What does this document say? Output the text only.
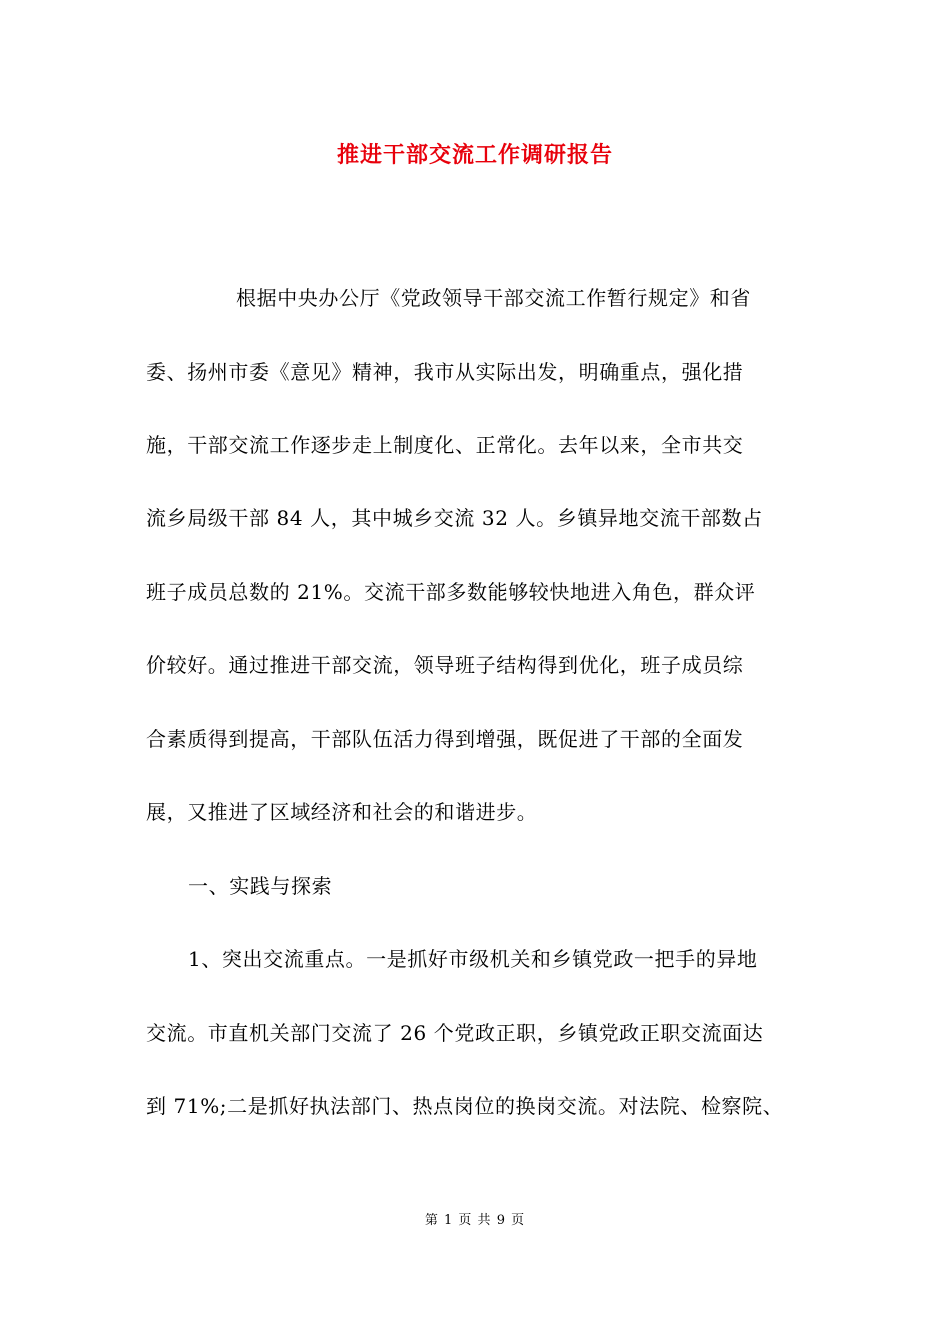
推进干部交流工作调研报告
根据中央办公厅《党政领导干部交流工作暂行规定》和省
委、扬州市委《意见》精神，我市从实际出发，明确重点，强化措
施，干部交流工作逐步走上制度化、正常化。去年以来，全市共交
流乡局级干部 84 人，其中城乡交流 32 人。乡镇异地交流干部数占
班子成员总数的 21%。交流干部多数能够较快地进入角色，群众评
价较好。通过推进干部交流，领导班子结构得到优化，班子成员综
合素质得到提高，干部队伍活力得到增强，既促进了干部的全面发
展，又推进了区域经济和社会的和谐进步。
一、实践与探索
1、突出交流重点。一是抓好市级机关和乡镇党政一把手的异地
交流。市直机关部门交流了 26 个党政正职，乡镇党政正职交流面达
到 71%;二是抓好执法部门、热点岗位的换岗交流。对法院、检察院、
第 1 页 共 9 页
